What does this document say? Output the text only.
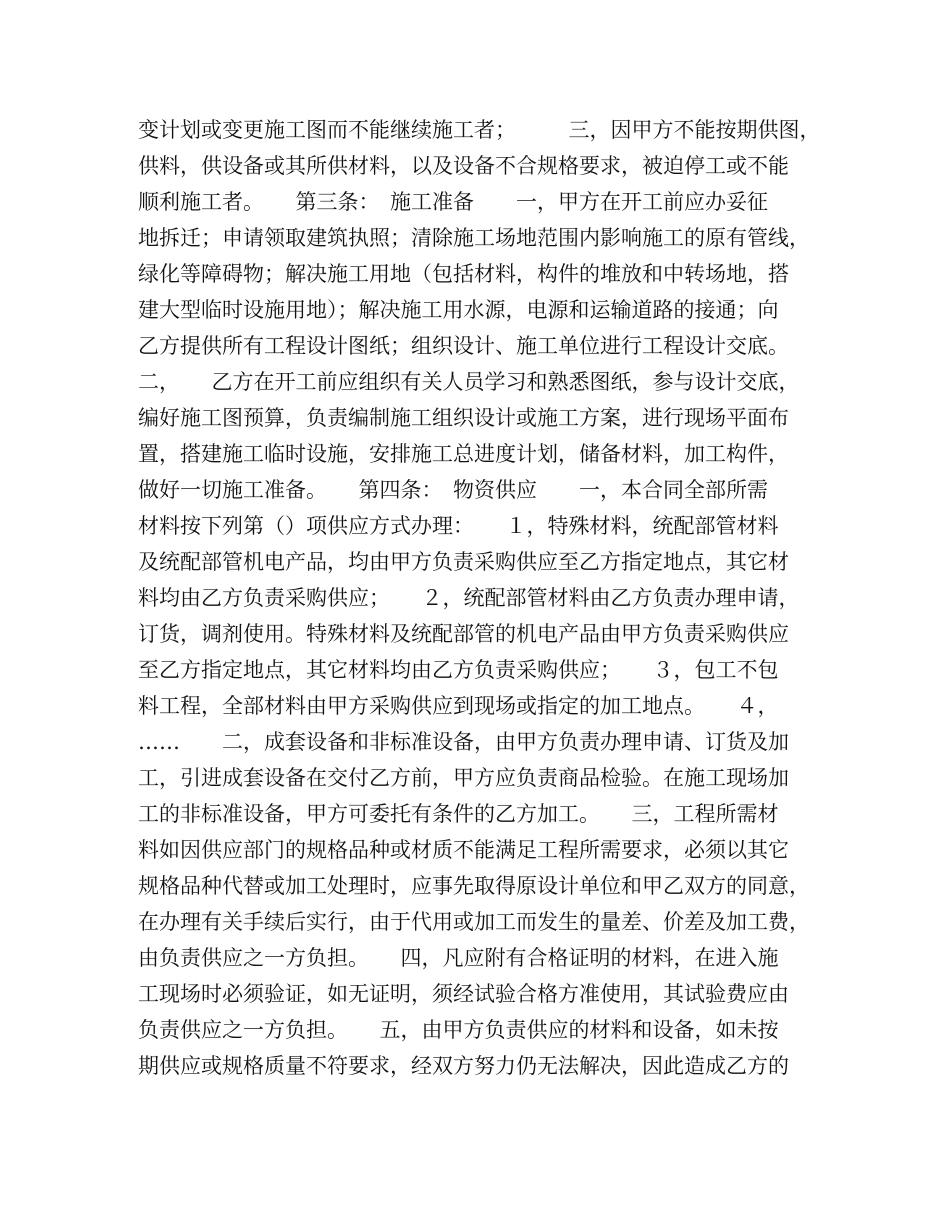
变计划或变更施工图而不能继续施工者；　　　三，因甲方不能按期供图，
供料，供设备或其所供材料，以及设备不合规格要求，被迫停工或不能
顺利施工者。　　第三条：　施工准备　　一，甲方在开工前应办妥征
地拆迁；申请领取建筑执照；清除施工场地范围内影响施工的原有管线，
绿化等障碍物；解决施工用地（包括材料，构件的堆放和中转场地，搭
建大型临时设施用地）；解决施工用水源，电源和运输道路的接通；向
乙方提供所有工程设计图纸；组织设计、施工单位进行工程设计交底。
二，　　乙方在开工前应组织有关人员学习和熟悉图纸，参与设计交底，
编好施工图预算，负责编制施工组织设计或施工方案，进行现场平面布
置，搭建施工临时设施，安排施工总进度计划，储备材料，加工构件，
做好一切施工准备。　　第四条：　物资供应　　一，本合同全部所需
材料按下列第（）项供应方式办理：　　１，特殊材料，统配部管材料
及统配部管机电产品，均由甲方负责采购供应至乙方指定地点，其它材
料均由乙方负责采购供应；　　２，统配部管材料由乙方负责办理申请，
订货，调剂使用。特殊材料及统配部管的机电产品由甲方负责采购供应
至乙方指定地点，其它材料均由乙方负责采购供应；　　３，包工不包
料工程，全部材料由甲方采购供应到现场或指定的加工地点。　　４，
……　　二，成套设备和非标准设备，由甲方负责办理申请、订货及加
工，引进成套设备在交付乙方前，甲方应负责商品检验。在施工现场加
工的非标准设备，甲方可委托有条件的乙方加工。　　三，工程所需材
料如因供应部门的规格品种或材质不能满足工程所需要求，必须以其它
规格品种代替或加工处理时，应事先取得原设计单位和甲乙双方的同意，
在办理有关手续后实行，由于代用或加工而发生的量差、价差及加工费，
由负责供应之一方负担。　　四，凡应附有合格证明的材料，在进入施
工现场时必须验证，如无证明，须经试验合格方准使用，其试验费应由
负责供应之一方负担。　　五，由甲方负责供应的材料和设备，如未按
期供应或规格质量不符要求，经双方努力仍无法解决，因此造成乙方的
